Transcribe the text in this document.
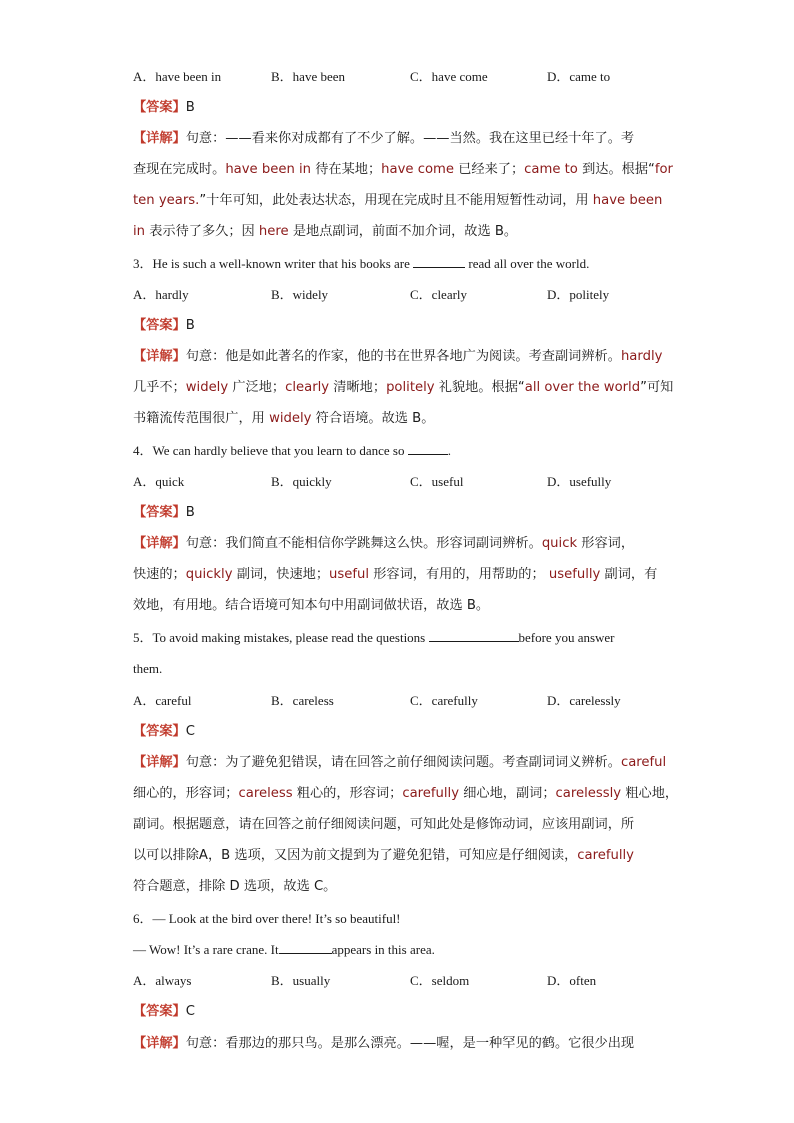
A．have been in	B．have been	C．have come	D．came to
【答案】B
【详解】句意：——看来你对成都有了不少了解。——当然。我在这里已经十年了。考
查现在完成时。have been in 待在某地；have come 已经来了；came to 到达。根据“for
ten years.”十年可知，此处表达状态，用现在完成时且不能用短暂性动词，用 have been
in 表示待了多久；因 here 是地点副词，前面不加介词，故选 B。
3．He is such a well-known writer that his books are	read all over the world.
A．hardly	B．widely	C．clearly	D．politely
【答案】B
【详解】句意：他是如此著名的作家，他的书在世界各地广为阅读。考查副词辨析。hardly
几乎不；widely 广泛地；clearly 清晰地；politely 礼貌地。根据“all over the world”可知
书籍流传范围很广，用 widely 符合语境。故选 B。
4．We can hardly believe that you learn to dance so	.
A．quick	B．quickly	C．useful	D．usefully
【答案】B
【详解】句意：我们简直不能相信你学跳舞这么快。形容词副词辨析。quick 形容词，
快速的；quickly 副词，快速地；useful 形容词，有用的，用帮助的； usefully 副词，有
效地，有用地。结合语境可知本句中用副词做状语，故选 B。
5．To avoid making mistakes, please read the questions	before you answer
them.
A．careful	B．careless	C．carefully	D．carelessly
【答案】C
【详解】句意：为了避免犯错误，请在回答之前仔细阅读问题。考查副词词义辨析。careful
细心的，形容词；careless 粗心的，形容词；carefully 细心地，副词；carelessly 粗心地，
副词。根据题意，请在回答之前仔细阅读问题，可知此处是修饰动词，应该用副词，所
以可以排除A，B 选项，又因为前文提到为了避免犯错，可知应是仔细阅读，carefully
符合题意，排除 D 选项，故选 C。
6．— Look at the bird over there! It’s so beautiful!
— Wow! It’s a rare crane. It	appears in this area.
A．always	B．usually	C．seldom	D．often
【答案】C
【详解】句意：看那边的那只鸟。是那么漂亮。——喔，是一种罕见的鹤。它很少出现
